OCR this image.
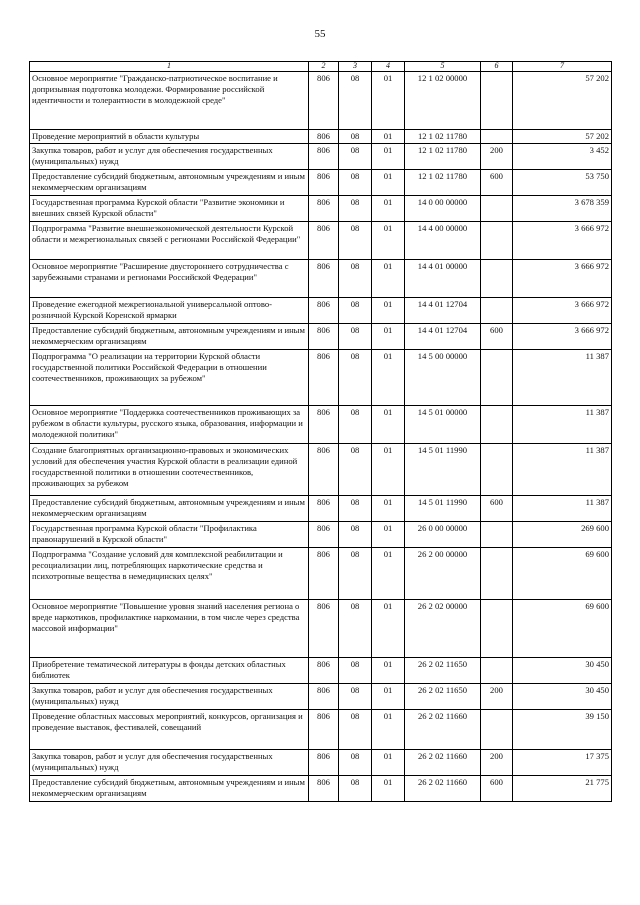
55
1	2	3	4	5	6	7
Основное мероприятие "Гражданско-патриотическое воспитание и допризывная подготовка молодежи. Формирование российской идентичности и толерантности в молодежной среде"	806	08	01	12 1 02 00000		57 202
Проведение мероприятий в области культуры	806	08	01	12 1 02 11780		57 202
Закупка товаров, работ и услуг для обеспечения государственных (муниципальных) нужд	806	08	01	12 1 02 11780	200	3 452
Предоставление субсидий бюджетным, автономным учреждениям и иным некоммерческим организациям	806	08	01	12 1 02 11780	600	53 750
Государственная программа Курской области "Развитие экономики и внешних связей Курской области"	806	08	01	14 0 00 00000		3 678 359
Подпрограмма "Развитие внешнеэкономической деятельности Курской области и межрегиональных связей с регионами Российской Федерации"	806	08	01	14 4 00 00000		3 666 972
Основное мероприятие "Расширение двустороннего сотрудничества с зарубежными странами и регионами Российской Федерации"	806	08	01	14 4 01 00000		3 666 972
Проведение ежегодной межрегиональной универсальной оптово-розничной Курской Коренской ярмарки	806	08	01	14 4 01 12704		3 666 972
Предоставление субсидий бюджетным, автономным учреждениям и иным некоммерческим организациям	806	08	01	14 4 01 12704	600	3 666 972
Подпрограмма "О реализации на территории Курской области государственной политики Российской Федерации в отношении соотечественников, проживающих за рубежом"	806	08	01	14 5 00 00000		11 387
Основное мероприятие "Поддержка соотечественников проживающих за рубежом в области культуры, русского языка, образования, информации и молодежной политики"	806	08	01	14 5 01 00000		11 387
Создание благоприятных организационно-правовых и экономических условий для обеспечения участия Курской области в реализации единой государственной политики в отношении соотечественников, проживающих за рубежом	806	08	01	14 5 01 11990		11 387
Предоставление субсидий бюджетным, автономным учреждениям и иным некоммерческим организациям	806	08	01	14 5 01 11990	600	11 387
Государственная программа Курской области "Профилактика правонарушений в Курской области"	806	08	01	26 0 00 00000		269 600
Подпрограмма "Создание условий для комплексной реабилитации и ресоциализации лиц, потребляющих наркотические средства и психотропные вещества в немедицинских целях"	806	08	01	26 2 00 00000		69 600
Основное мероприятие "Повышение уровня знаний населения региона о вреде наркотиков, профилактике наркомании, в том числе через средства массовой информации"	806	08	01	26 2 02 00000		69 600
Приобретение тематической литературы в фонды детских областных библиотек	806	08	01	26 2 02 11650		30 450
Закупка товаров, работ и услуг для обеспечения государственных (муниципальных) нужд	806	08	01	26 2 02 11650	200	30 450
Проведение областных массовых мероприятий, конкурсов, организация и проведение выставок, фестивалей, совещаний	806	08	01	26 2 02 11660		39 150
Закупка товаров, работ и услуг для обеспечения государственных (муниципальных) нужд	806	08	01	26 2 02 11660	200	17 375
Предоставление субсидий бюджетным, автономным учреждениям и иным некоммерческим организациям	806	08	01	26 2 02 11660	600	21 775
